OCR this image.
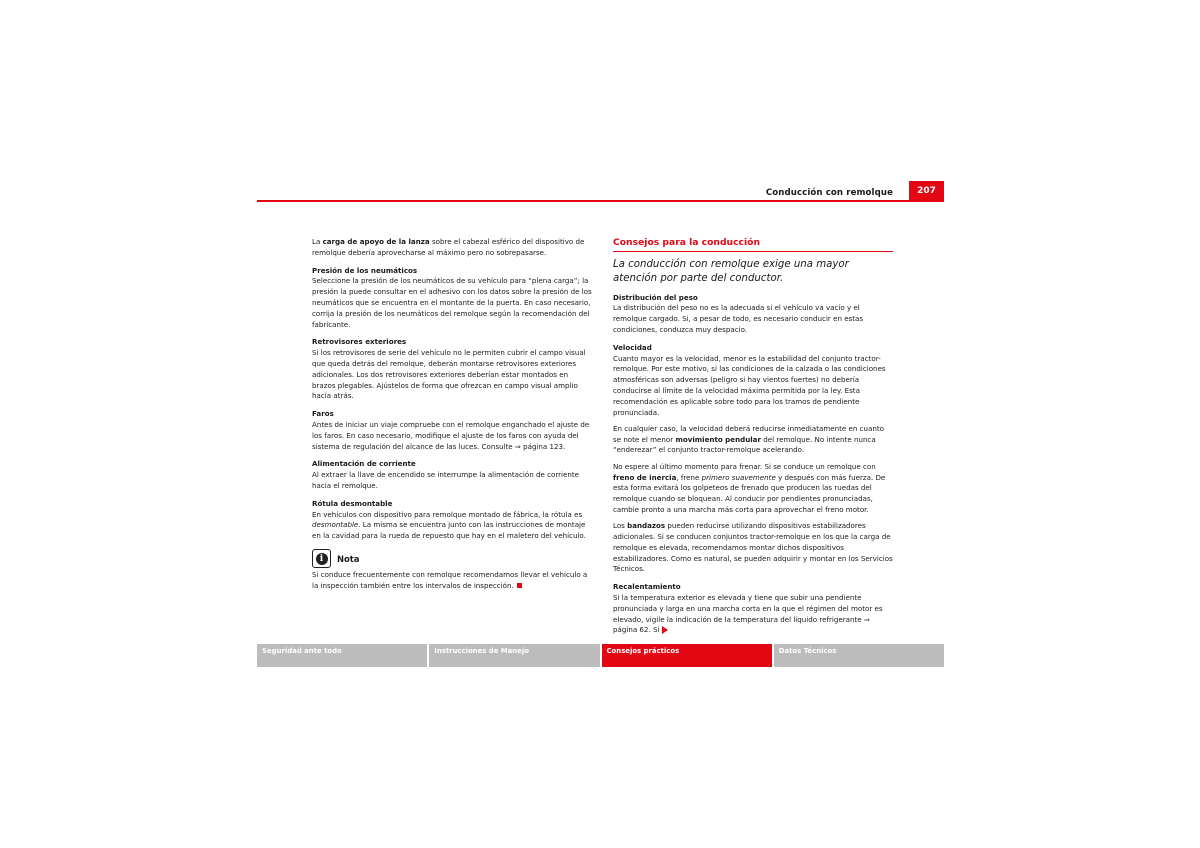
Conducción con remolque	207

La carga de apoyo de la lanza sobre el cabezal esférico del dispositivo de remolque debería aprovecharse al máximo pero no sobrepasarse.

Presión de los neumáticos

Seleccione la presión de los neumáticos de su vehículo para “plena carga”; la presión la puede consultar en el adhesivo con los datos sobre la presión de los neumáticos que se encuentra en el montante de la puerta. En caso necesario, corrija la presión de los neumáticos del remolque según la recomendación del fabricante.

Retrovisores exteriores

Si los retrovisores de serie del vehículo no le permiten cubrir el campo visual que queda detrás del remolque, deberán montarse retrovisores exteriores adicionales. Los dos retrovisores exteriores deberían estar montados en brazos plegables. Ajústelos de forma que ofrezcan en campo visual amplio hacia atrás.

Faros

Antes de iniciar un viaje compruebe con el remolque enganchado el ajuste de los faros. En caso necesario, modifique el ajuste de los faros con ayuda del sistema de regulación del alcance de las luces. Consulte ⇒ página 123.

Alimentación de corriente

Al extraer la llave de encendido se interrumpe la alimentación de corriente hacia el remolque.

Rótula desmontable

En vehículos con dispositivo para remolque montado de fábrica, la rótula es desmontable. La misma se encuentra junto con las instrucciones de montaje en la cavidad para la rueda de repuesto que hay en el maletero del vehículo.

i	Nota

Si conduce frecuentemente con remolque recomendamos llevar el vehículo a la inspección también entre los intervalos de inspección.

Consejos para la conducción

La conducción con remolque exige una mayor atención por parte del conductor.

Distribución del peso

La distribución del peso no es la adecuada si el vehículo va vacío y el remolque cargado. Si, a pesar de todo, es necesario conducir en estas condiciones, conduzca muy despacio.

Velocidad

Cuanto mayor es la velocidad, menor es la estabilidad del conjunto tractor-remolque. Por este motivo, si las condiciones de la calzada o las condiciones atmosféricas son adversas (peligro si hay vientos fuertes) no debería conducirse al límite de la velocidad máxima permitida por la ley. Esta recomendación es aplicable sobre todo para los tramos de pendiente pronunciada.

En cualquier caso, la velocidad deberá reducirse inmediatamente en cuanto se note el menor movimiento pendular del remolque. No intente nunca “enderezar” el conjunto tractor-remolque acelerando.

No espere al último momento para frenar. Si se conduce un remolque con freno de inercia, frene primero suavemente y después con más fuerza. De esta forma evitará los golpeteos de frenado que producen las ruedas del remolque cuando se bloquean. Al conducir por pendientes pronunciadas, cambie pronto a una marcha más corta para aprovechar el freno motor.

Los bandazos pueden reducirse utilizando dispositivos estabilizadores adicionales. Si se conducen conjuntos tractor-remolque en los que la carga de remolque es elevada, recomendamos montar dichos dispositivos estabilizadores. Como es natural, se pueden adquirir y montar en los Servicios Técnicos.

Recalentamiento

Si la temperatura exterior es elevada y tiene que subir una pendiente pronunciada y larga en una marcha corta en la que el régimen del motor es elevado, vigile la indicación de la temperatura del líquido refrigerante ⇒ página 62. Si

Seguridad ante todo	Instrucciones de Manejo	Consejos prácticos	Datos Técnicos
